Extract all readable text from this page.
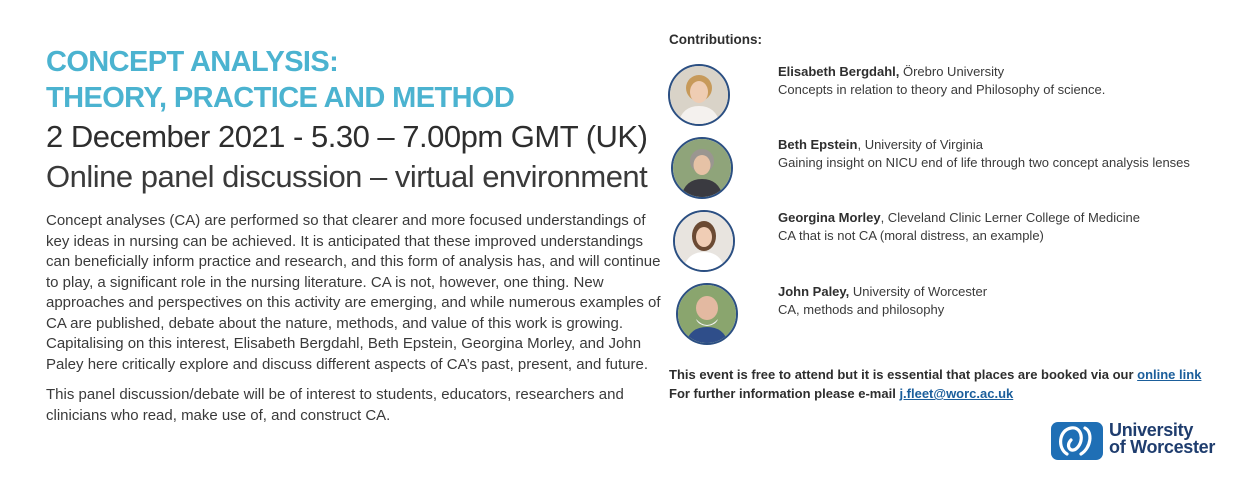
CONCEPT ANALYSIS:
THEORY, PRACTICE AND METHOD
2 December 2021 - 5.30 – 7.00pm GMT (UK)
Online panel discussion – virtual environment
Concept analyses (CA) are performed so that clearer and more focused understandings of key ideas in nursing can be achieved. It is anticipated that these improved understandings can beneficially inform practice and research, and this form of analysis has, and will continue to play, a significant role in the nursing literature. CA is not, however, one thing. New approaches and perspectives on this activity are emerging, and while numerous examples of CA are published, debate about the nature, methods, and value of this work is growing. Capitalising on this interest, Elisabeth Bergdahl, Beth Epstein, Georgina Morley, and John Paley here critically explore and discuss different aspects of CA’s past, present, and future.
This panel discussion/debate will be of interest to students, educators, researchers and clinicians who read, make use of, and construct CA.
Contributions:
Elisabeth Bergdahl, Örebro University
Concepts in relation to theory and Philosophy of science.
Beth Epstein, University of Virginia
Gaining insight on NICU end of life through two concept analysis lenses
Georgina Morley, Cleveland Clinic Lerner College of Medicine
CA that is not CA (moral distress, an example)
John Paley, University of Worcester
CA, methods and philosophy
This event is free to attend but it is essential that places are booked via our online link
For further information please e-mail j.fleet@worc.ac.uk
University
of Worcester
